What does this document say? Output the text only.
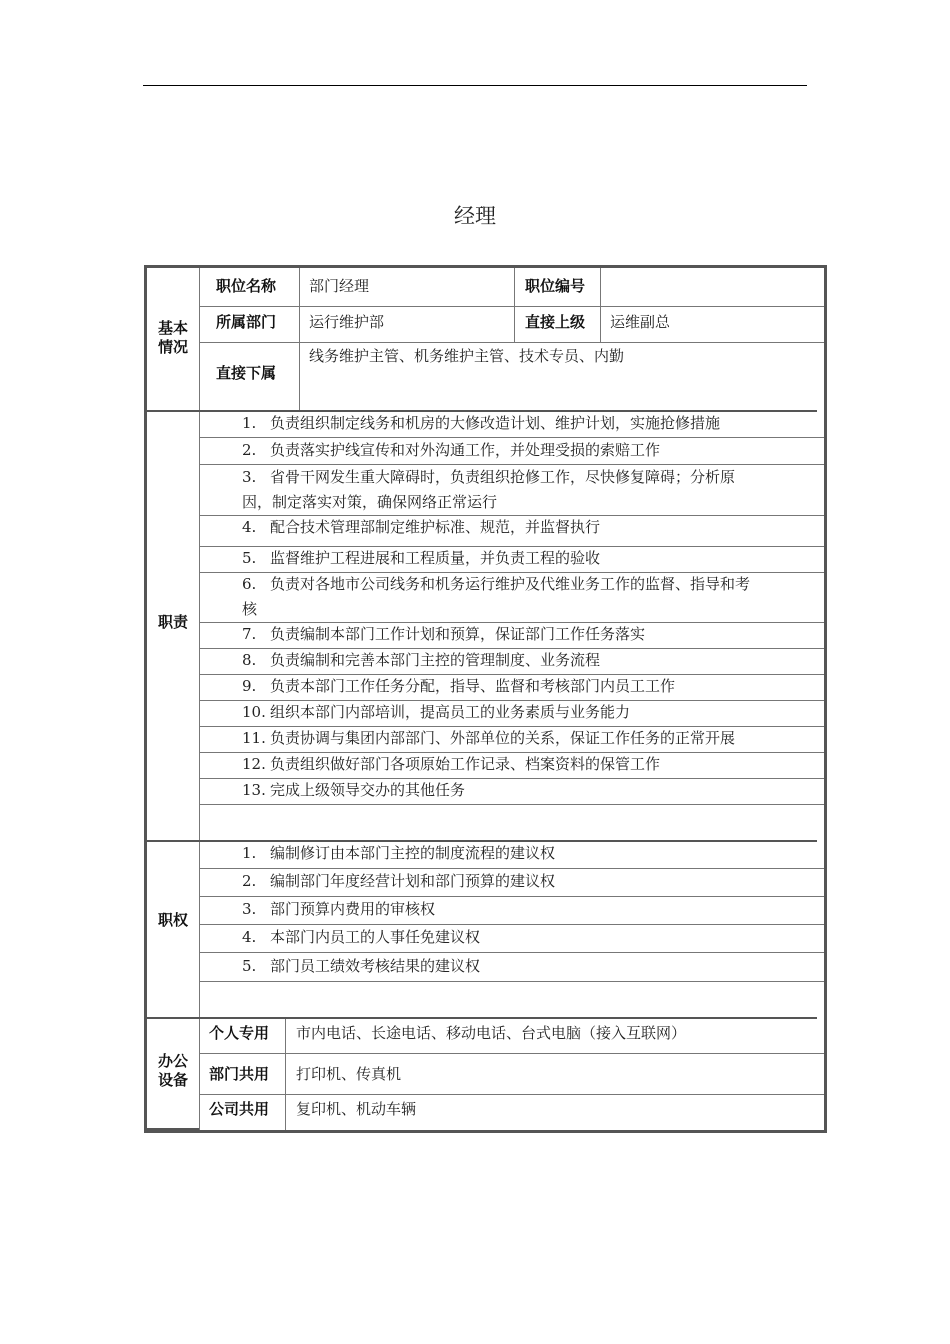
经理
基本
情况
职责
职权
办公
设备
职位名称 部门经理	职位编号
所属部门 运行维护部	直接上级 运维副总
直接下属
线务维护主管、机务维护主管、技术专员、内勤
1. 负责组织制定线务和机房的大修改造计划、维护计划，实施抢修措施
2. 负责落实护线宣传和对外沟通工作，并处理受损的索赔工作
3. 省骨干网发生重大障碍时，负责组织抢修工作，尽快修复障碍；分析原
因，制定落实对策，确保网络正常运行
4. 配合技术管理部制定维护标准、规范，并监督执行
5. 监督维护工程进展和工程质量，并负责工程的验收
6. 负责对各地市公司线务和机务运行维护及代维业务工作的监督、指导和考
核
7. 负责编制本部门工作计划和预算，保证部门工作任务落实
8. 负责编制和完善本部门主控的管理制度、业务流程
9. 负责本部门工作任务分配，指导、监督和考核部门内员工工作
10. 组织本部门内部培训，提高员工的业务素质与业务能力
11. 负责协调与集团内部部门、外部单位的关系，保证工作任务的正常开展
12. 负责组织做好部门各项原始工作记录、档案资料的保管工作
13. 完成上级领导交办的其他任务
1. 编制修订由本部门主控的制度流程的建议权
2. 编制部门年度经营计划和部门预算的建议权
3. 部门预算内费用的审核权
4. 本部门内员工的人事任免建议权
5. 部门员工绩效考核结果的建议权
个人专用 市内电话、长途电话、移动电话、台式电脑（接入互联网）
部门共用 打印机、传真机
公司共用 复印机、机动车辆
